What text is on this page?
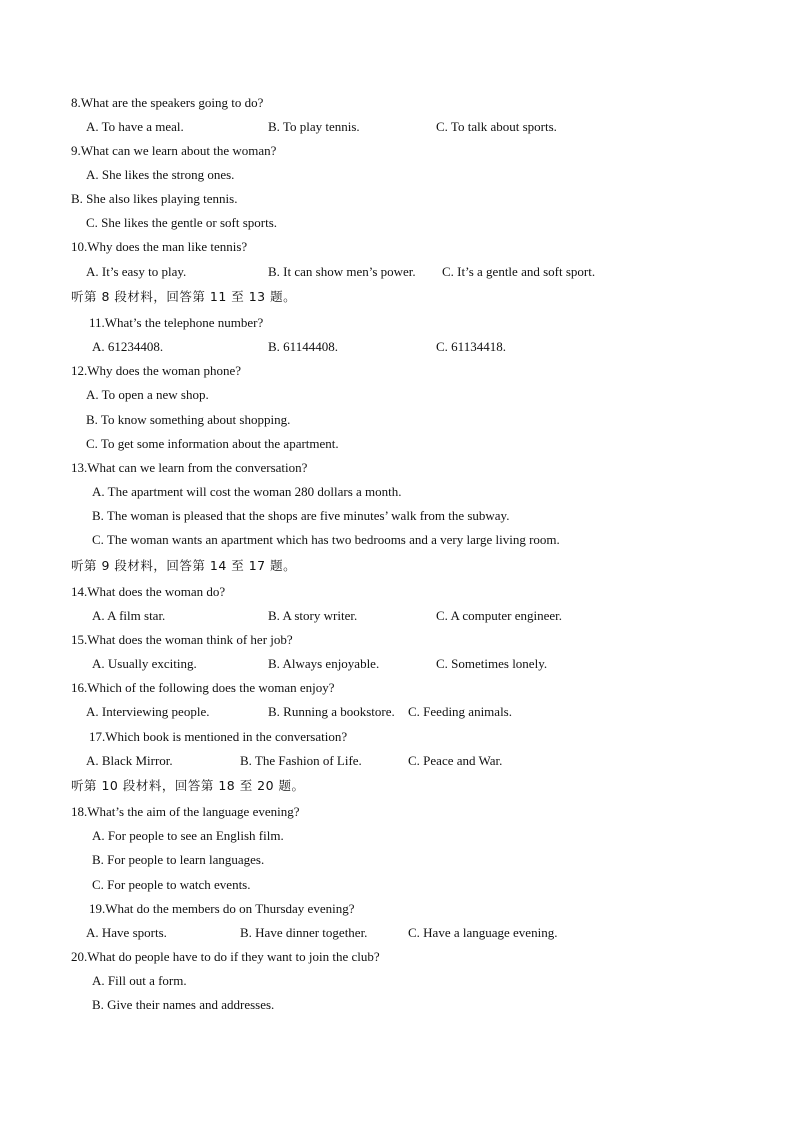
8.What are the speakers going to do?
A. To have a meal.	B. To play tennis.	C. To talk about sports.
9.What can we learn about the woman?
A. She likes the strong ones.
B. She also likes playing tennis.
C. She likes the gentle or soft sports.
10.Why does the man like tennis?
A. It’s easy to play.	B. It can show men’s power. C. It’s a gentle and soft sport.
听第 8 段材料，回答第 11 至 13 题。
11.What’s the telephone number?
A. 61234408.	B. 61144408.	C. 61134418.
12.Why does the woman phone?
A. To open a new shop.
B. To know something about shopping.
C. To get some information about the apartment.
13.What can we learn from the conversation?
A. The apartment will cost the woman 280 dollars a month.
B. The woman is pleased that the shops are five minutes’ walk from the subway.
C. The woman wants an apartment which has two bedrooms and a very large living room.
听第 9 段材料，回答第 14 至 17 题。
14.What does the woman do?
A. A film star.	B. A story writer.	C. A computer engineer.
15.What does the woman think of her job?
A. Usually exciting.	B. Always enjoyable.	C. Sometimes lonely.
16.Which of the following does the woman enjoy?
A. Interviewing people.	B. Running a bookstore. C. Feeding animals.
17.Which book is mentioned in the conversation?
A. Black Mirror.	B. The Fashion of Life.	C. Peace and War.
听第 10 段材料，回答第 18 至 20 题。
18.What’s the aim of the language evening?
A. For people to see an English film.
B. For people to learn languages.
C. For people to watch events.
19.What do the members do on Thursday evening?
A. Have sports.	B. Have dinner together.	C. Have a language evening.
20.What do people have to do if they want to join the club?
A. Fill out a form.
B. Give their names and addresses.
